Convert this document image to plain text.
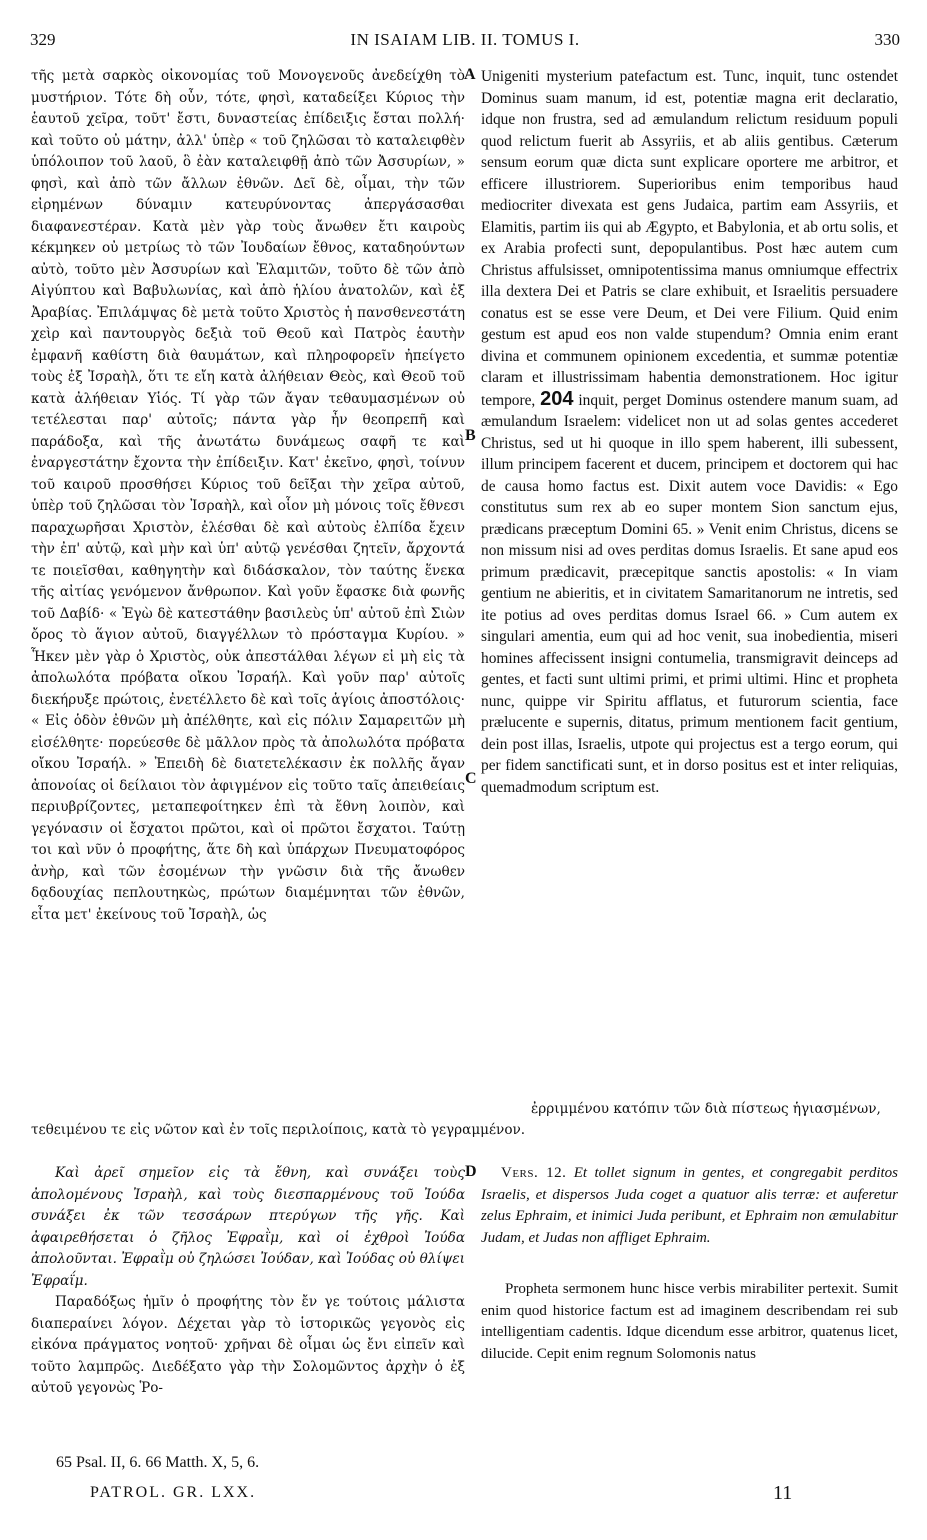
329	IN ISAIAM LIB. II. TOMUS I.	330

τῆς μετὰ σαρκὸς οἰκονομίας τοῦ Μονογενοῦς ἀνεδείχθη τὸ μυστήριον. Τότε δὴ οὖν, τότε, φησὶ, καταδείξει Κύριος τὴν ἑαυτοῦ χεῖρα, τοῦτ' ἔστι, δυναστείας ἐπίδειξις ἔσται πολλή· καὶ τοῦτο οὐ μάτην, ἀλλ' ὑπὲρ « τοῦ ζηλῶσαι τὸ καταλειφθὲν ὑπόλοιπον τοῦ λαοῦ, ὃ ἐὰν καταλειφθῇ ἀπὸ τῶν Ἀσσυρίων, » φησὶ, καὶ ἀπὸ τῶν ἄλλων ἐθνῶν. Δεῖ δὲ, οἶμαι, τὴν τῶν εἰρημένων δύναμιν κατευρύνοντας ἀπεργάσασθαι διαφανεστέραν. Κατὰ μὲν γὰρ τοὺς ἄνωθεν ἔτι καιροὺς κέκμηκεν οὐ μετρίως τὸ τῶν Ἰουδαίων ἔθνος, καταδηούντων αὐτὸ, τοῦτο μὲν Ἀσσυρίων καὶ Ἐλαμιτῶν, τοῦτο δὲ τῶν ἀπὸ Αἰγύπτου καὶ Βαβυλωνίας, καὶ ἀπὸ ἡλίου ἀνατολῶν, καὶ ἐξ Ἀραβίας. Ἐπιλάμψας δὲ μετὰ τοῦτο Χριστὸς ἡ πανσθενεστάτη χεὶρ καὶ παντουργὸς δεξιὰ τοῦ Θεοῦ καὶ Πατρὸς ἑαυτὴν ἐμφανῆ καθίστη διὰ θαυμάτων, καὶ πληροφορεῖν ἠπείγετο τοὺς ἐξ Ἰσραὴλ, ὅτι τε εἴη κατὰ ἀλήθειαν Θεὸς, καὶ Θεοῦ τοῦ κατὰ ἀλήθειαν Υἱός. Τί γὰρ τῶν ἄγαν τεθαυμασμένων οὐ τετέλεσται παρ' αὐτοῖς; πάντα γὰρ ἦν θεοπρεπῆ καὶ παράδοξα, καὶ τῆς ἀνωτάτω δυνάμεως σαφῆ τε καὶ ἐναργεστάτην ἔχοντα τὴν ἐπίδειξιν. Κατ' ἐκεῖνο, φησὶ, τοίνυν τοῦ καιροῦ προσθήσει Κύριος τοῦ δεῖξαι τὴν χεῖρα αὐτοῦ, ὑπὲρ τοῦ ζηλῶσαι τὸν Ἰσραὴλ, καὶ οἷον μὴ μόνοις τοῖς ἔθνεσι παραχωρῆσαι Χριστὸν, ἐλέσθαι δὲ καὶ αὐτοὺς ἐλπίδα ἔχειν τὴν ἐπ' αὐτῷ, καὶ μὴν καὶ ὑπ' αὐτῷ γενέσθαι ζητεῖν, ἄρχοντά τε ποιεῖσθαι, καθηγητὴν καὶ διδάσκαλον, τὸν ταύτης ἕνεκα τῆς αἰτίας γενόμενον ἄνθρωπον. Καὶ γοῦν ἔφασκε διὰ φωνῆς τοῦ Δαβίδ· « Ἐγὼ δὲ κατεστάθην βασιλεὺς ὑπ' αὐτοῦ ἐπὶ Σιὼν ὄρος τὸ ἅγιον αὐτοῦ, διαγγέλλων τὸ πρόσταγμα Κυρίου. » Ἧκεν μὲν γὰρ ὁ Χριστὸς, οὐκ ἀπεστάλθαι λέγων εἰ μὴ εἰς τὰ ἀπολωλότα πρόβατα οἴκου Ἰσραήλ. Καὶ γοῦν παρ' αὐτοῖς διεκήρυξε πρώτοις, ἐνετέλλετο δὲ καὶ τοῖς ἁγίοις ἀποστόλοις· « Εἰς ὁδὸν ἐθνῶν μὴ ἀπέλθητε, καὶ εἰς πόλιν Σαμαρειτῶν μὴ εἰσέλθητε· πορεύεσθε δὲ μᾶλλον πρὸς τὰ ἀπολωλότα πρόβατα οἴκου Ἰσραήλ. » Ἐπειδὴ δὲ διατετελέκασιν ἐκ πολλῆς ἄγαν ἀπονοίας οἱ δείλαιοι τὸν ἀφιγμένον εἰς τοῦτο ταῖς ἀπειθείαις περιυβρίζοντες, μεταπεφοίτηκεν ἐπὶ τὰ ἔθνη λοιπὸν, καὶ γεγόνασιν οἱ ἔσχατοι πρῶτοι, καὶ οἱ πρῶτοι ἔσχατοι. Ταύτῃ τοι καὶ νῦν ὁ προφήτης, ἅτε δὴ καὶ ὑπάρχων Πνευματοφόρος ἀνὴρ, καὶ τῶν ἐσομένων τὴν γνῶσιν διὰ τῆς ἄνωθεν δᾳδουχίας πεπλουτηκὼς, πρώτων διαμέμνηται τῶν ἐθνῶν, εἶτα μετ' ἐκείνους τοῦ Ἰσραὴλ, ὡς

A
B
C
D

Unigeniti mysterium patefactum est. Tunc, inquit, tunc ostendet Dominus suam manum, id est, potentiæ magna erit declaratio, idque non frustra, sed ad æmulandum relictum residuum populi quod relictum fuerit ab Assyriis, et ab aliis gentibus. Cæterum sensum eorum quæ dicta sunt explicare oportere me arbitror, et efficere illustriorem. Superioribus enim temporibus haud mediocriter divexata est gens Judaica, partim eam Assyriis, et Elamitis, partim iis qui ab Ægypto, et Babylonia, et ab ortu solis, et ex Arabia profecti sunt, depopulantibus. Post hæc autem cum Christus affulsisset, omnipotentissima manus omniumque effectrix illa dextera Dei et Patris se clare exhibuit, et Israelitis persuadere conatus est se esse vere Deum, et Dei vere Filium. Quid enim gestum est apud eos non valde stupendum? Omnia enim erant divina et communem opinionem excedentia, et summæ potentiæ claram et illustrissimam habentia demonstrationem. Hoc igitur tempore, 204 inquit, perget Dominus ostendere manum suam, ad æmulandum Israelem: videlicet non ut ad solas gentes accederet Christus, sed ut hi quoque in illo spem haberent, illi subessent, illum principem facerent et ducem, principem et doctorem qui hac de causa homo factus est. Dixit autem voce Davidis: « Ego constitutus sum rex ab eo super montem Sion sanctum ejus, prædicans præceptum Domini 65. » Venit enim Christus, dicens se non missum nisi ad oves perditas domus Israelis. Et sane apud eos primum prædicavit, præcepitque sanctis apostolis: « In viam gentium ne abieritis, et in civitatem Samaritanorum ne intretis, sed ite potius ad oves perditas domus Israel 66. » Cum autem ex singulari amentia, eum qui ad hoc venit, sua inobedientia, miseri homines affecissent insigni contumelia, transmigravit deinceps ad gentes, et facti sunt ultimi primi, et primi ultimi. Hinc et propheta nunc, quippe vir Spiritu afflatus, et futurorum scientia, face prælucente e supernis, ditatus, primum mentionem facit gentium, dein post illas, Israelis, utpote qui projectus est a tergo eorum, qui per fidem sanctificati sunt, et in dorso positus est et inter reliquias, quemadmodum scriptum est.

τεθειμένου τε εἰς νῶτον καὶ ἐν τοῖς περιλοίποις, κατὰ τὸ γεγραμμένον.
ἐρριμμένου κατόπιν τῶν διὰ πίστεως ἡγιασμένων,

Καὶ ἀρεῖ σημεῖον εἰς τὰ ἔθνη, καὶ συνάξει τοὺς ἀπολομένους Ἰσραὴλ, καὶ τοὺς διεσπαρμένους τοῦ Ἰούδα συνάξει ἐκ τῶν τεσσάρων πτερύγων τῆς γῆς. Καὶ ἀφαιρεθήσεται ὁ ζῆλος Ἐφραῒμ, καὶ οἱ ἐχθροὶ Ἰούδα ἀπολοῦνται. Ἐφραῒμ οὐ ζηλώσει Ἰούδαν, καὶ Ἰούδας οὐ θλίψει Ἐφραΐμ.

Παραδόξως ἡμῖν ὁ προφήτης τὸν ἔν γε τούτοις μάλιστα διαπεραίνει λόγον. Δέχεται γὰρ τὸ ἱστορικῶς γεγονὸς εἰς εἰκόνα πράγματος νοητοῦ· χρῆναι δὲ οἶμαι ὡς ἔνι εἰπεῖν καὶ τοῦτο λαμπρῶς. Διεδέξατο γὰρ τὴν Σολομῶντος ἀρχὴν ὁ ἐξ αὐτοῦ γεγονὼς Ῥο-

Vers. 12. Et tollet signum in gentes, et congregabit perditos Israelis, et dispersos Juda coget a quatuor alis terræ: et auferetur zelus Ephraim, et inimici Juda peribunt, et Ephraim non æmulabitur Judam, et Judas non affliget Ephraim.

Propheta sermonem hunc hisce verbis mirabiliter pertexit. Sumit enim quod historice factum est ad imaginem describendam rei sub intelligentiam cadentis. Idque dicendum esse arbitror, quatenus licet, dilucide. Cepit enim regnum Solomonis natus

65 Psal. II, 6. 66 Matth. X, 5, 6.
PATROL. GR. LXX.	11
